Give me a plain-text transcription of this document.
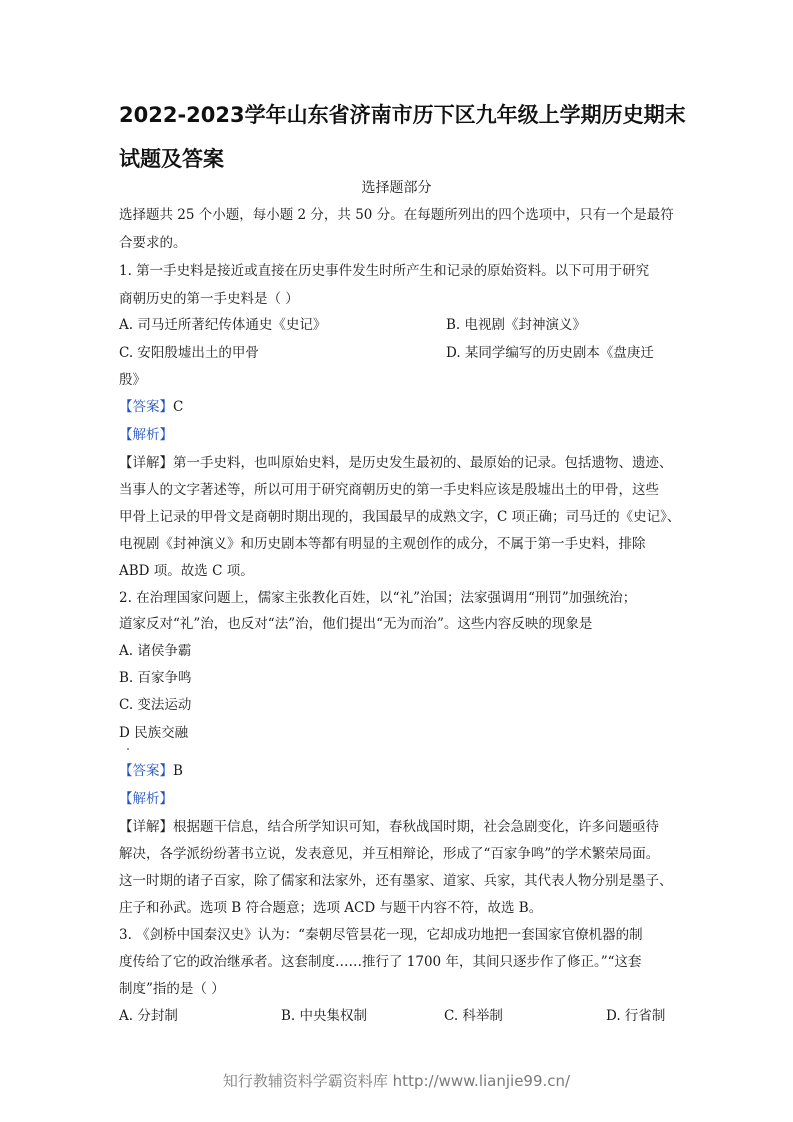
2022-2023学年山东省济南市历下区九年级上学期历史期末
试题及答案
选择题部分
选择题共 25 个小题，每小题 2 分，共 50 分。在每题所列出的四个选项中，只有一个是最符
合要求的。
1. 第一手史料是接近或直接在历史事件发生时所产生和记录的原始资料。以下可用于研究
商朝历史的第一手史料是（ ）
A. 司马迁所著纪传体通史《史记》	B. 电视剧《封神演义》
C. 安阳殷墟出土的甲骨	D. 某同学编写的历史剧本《盘庚迁
殷》
【答案】C
【解析】
【详解】第一手史料，也叫原始史料，是历史发生最初的、最原始的记录。包括遗物、遗迹、
当事人的文字著述等，所以可用于研究商朝历史的第一手史料应该是殷墟出土的甲骨，这些
甲骨上记录的甲骨文是商朝时期出现的，我国最早的成熟文字，C 项正确；司马迁的《史记》、
电视剧《封神演义》和历史剧本等都有明显的主观创作的成分，不属于第一手史料，排除
ABD 项。故选 C 项。
2. 在治理国家问题上，儒家主张教化百姓，以“礼”治国；法家强调用“刑罚”加强统治；
道家反对“礼”治，也反对“法”治，他们提出“无为而治”。这些内容反映的现象是
A. 诸侯争霸
B. 百家争鸣
C. 变法运动
D 民族交融
【答案】B
【解析】
【详解】根据题干信息，结合所学知识可知，春秋战国时期，社会急剧变化，许多问题亟待
解决，各学派纷纷著书立说，发表意见，并互相辩论，形成了“百家争鸣”的学术繁荣局面。
这一时期的诸子百家，除了儒家和法家外，还有墨家、道家、兵家，其代表人物分别是墨子、
庄子和孙武。选项 B 符合题意；选项 ACD 与题干内容不符，故选 B。
3. 《剑桥中国秦汉史》认为：“秦朝尽管昙花一现，它却成功地把一套国家官僚机器的制
度传给了它的政治继承者。这套制度……推行了 1700 年，其间只逐步作了修正。”“这套
制度”指的是（ ）
A. 分封制	B. 中央集权制	C. 科举制	D. 行省制
知行教辅资料学霸资料库 http://www.lianjie99.cn/
